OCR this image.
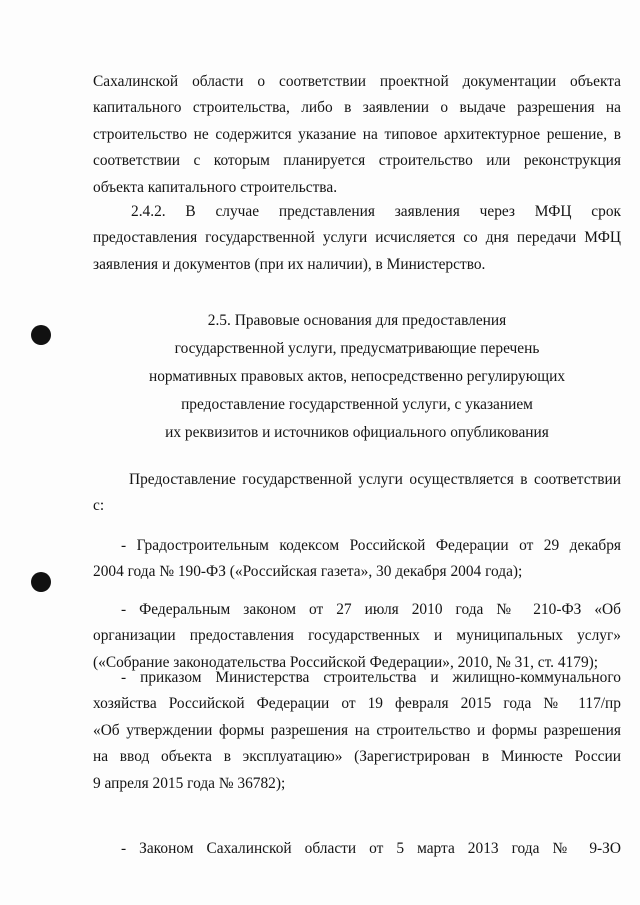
Сахалинской области о соответствии проектной документации объекта
капитального строительства, либо в заявлении о выдаче разрешения на
строительство не содержится указание на типовое архитектурное решение, в
соответствии с которым планируется строительство или реконструкция
объекта капитального строительства.
2.4.2. В случае представления заявления через МФЦ срок
предоставления государственной услуги исчисляется со дня передачи МФЦ
заявления и документов (при их наличии), в Министерство.
2.5. Правовые основания для предоставления
государственной услуги, предусматривающие перечень
нормативных правовых актов, непосредственно регулирующих
предоставление государственной услуги, с указанием
их реквизитов и источников официального опубликования
Предоставление государственной услуги осуществляется в соответствии
с:
- Градостроительным кодексом Российской Федерации от 29 декабря
2004 года № 190-ФЗ («Российская газета», 30 декабря 2004 года);
- Федеральным законом от 27 июля 2010 года № 210-ФЗ «Об
организации предоставления государственных и муниципальных услуг»
(«Собрание законодательства Российской Федерации», 2010, № 31, ст. 4179);
- приказом Министерства строительства и жилищно-коммунального
хозяйства Российской Федерации от 19 февраля 2015 года № 117/пр
«Об утверждении формы разрешения на строительство и формы разрешения
на ввод объекта в эксплуатацию» (Зарегистрирован в Минюсте России
9 апреля 2015 года № 36782);
- Законом Сахалинской области от 5 марта 2013 года № 9-ЗО
